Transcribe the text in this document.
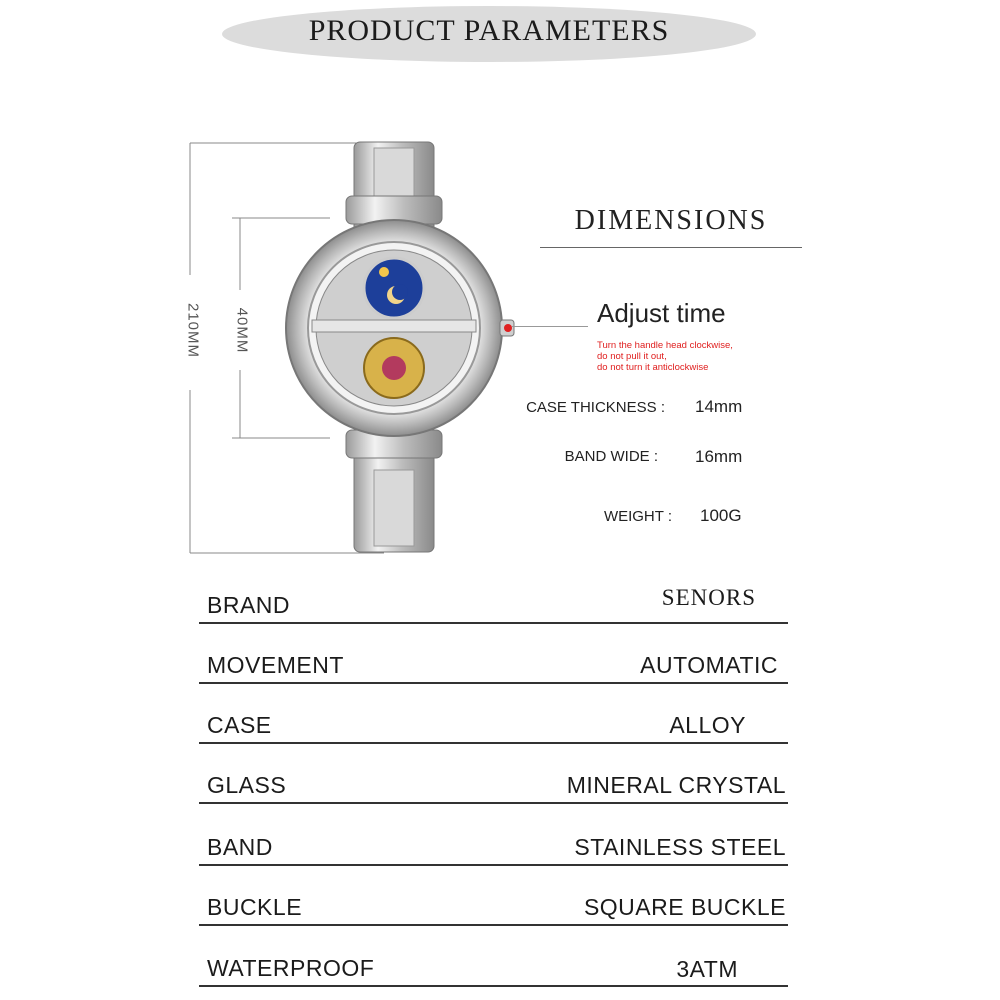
PRODUCT PARAMETERS
210MM 40MM
DIMENSIONS
Adjust time
Turn the handle head clockwise,
do not pull it out,
do not turn it anticlockwise
CASE THICKNESS : 14mm
BAND WIDE : 16mm
WEIGHT : 100G
BRAND	SENORS
MOVEMENT	AUTOMATIC
CASE	ALLOY
GLASS	MINERAL CRYSTAL
BAND	STAINLESS STEEL
BUCKLE	SQUARE BUCKLE
WATERPROOF	3ATM
